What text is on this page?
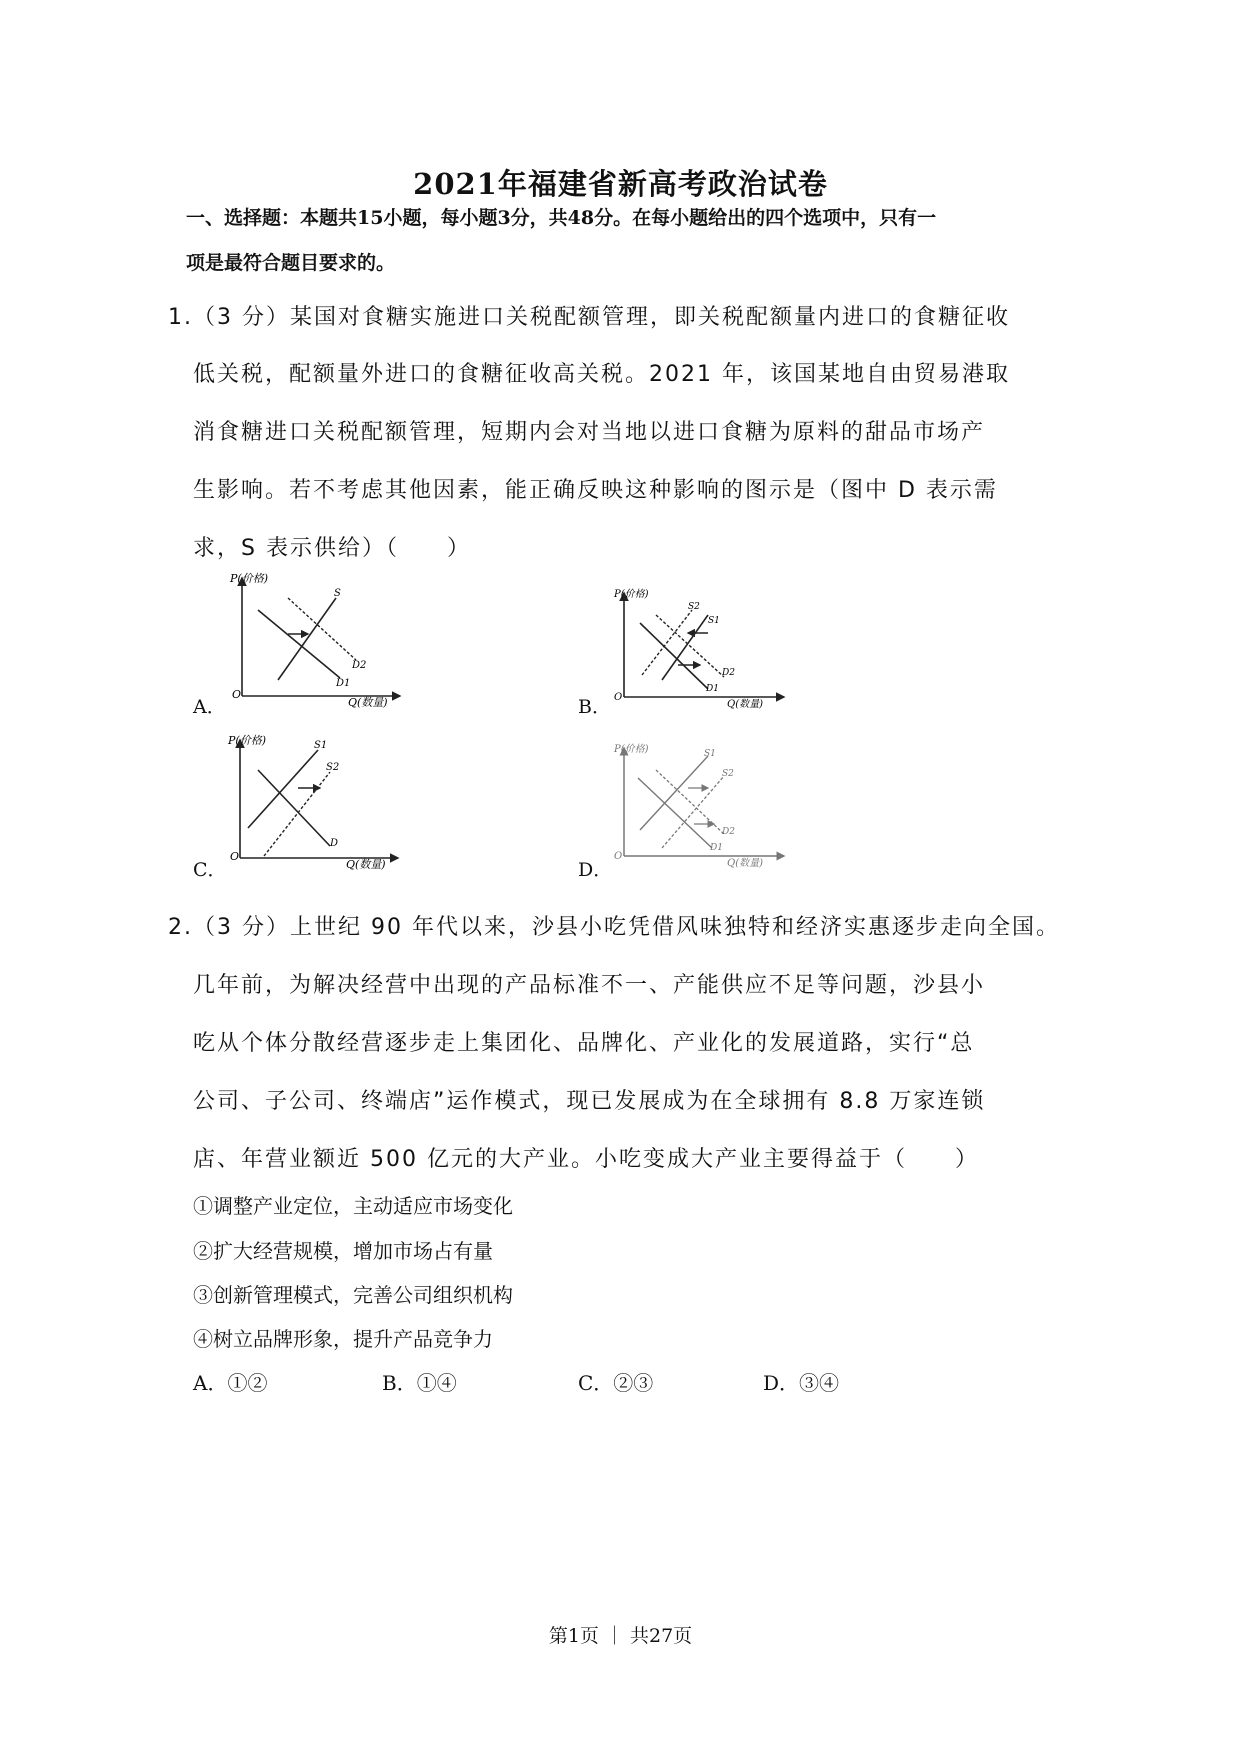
2021年福建省新高考政治试卷
一、选择题：本题共15小题，每小题3分，共48分。在每小题给出的四个选项中，只有一
项是最符合题目要求的。
1.（3 分）某国对食糖实施进口关税配额管理，即关税配额量内进口的食糖征收
低关税，配额量外进口的食糖征收高关税。2021 年，该国某地自由贸易港取
消食糖进口关税配额管理，短期内会对当地以进口食糖为原料的甜品市场产
生影响。若不考虑其他因素，能正确反映这种影响的图示是（图中 D 表示需
求，S 表示供给）（　　）
A．
P(价格)
Q(数量)
O
S
D2
D1
B．
P(价格)
Q(数量)
O
S2
S1
D2
D1
C．
P(价格)
Q(数量)
O
S1
S2
D
D．
P(价格)
Q(数量)
O
S1
S2
D2
D1
2.（3 分）上世纪 90 年代以来，沙县小吃凭借风味独特和经济实惠逐步走向全国。
几年前，为解决经营中出现的产品标准不一、产能供应不足等问题，沙县小
吃从个体分散经营逐步走上集团化、品牌化、产业化的发展道路，实行“总
公司、子公司、终端店”运作模式，现已发展成为在全球拥有 8.8 万家连锁
店、年营业额近 500 亿元的大产业。小吃变成大产业主要得益于（　　）
①调整产业定位，主动适应市场变化
②扩大经营规模，增加市场占有量
③创新管理模式，完善公司组织机构
④树立品牌形象，提升产品竞争力
A．①②	B．①④	C．②③	D．③④
第1页 ｜ 共27页
